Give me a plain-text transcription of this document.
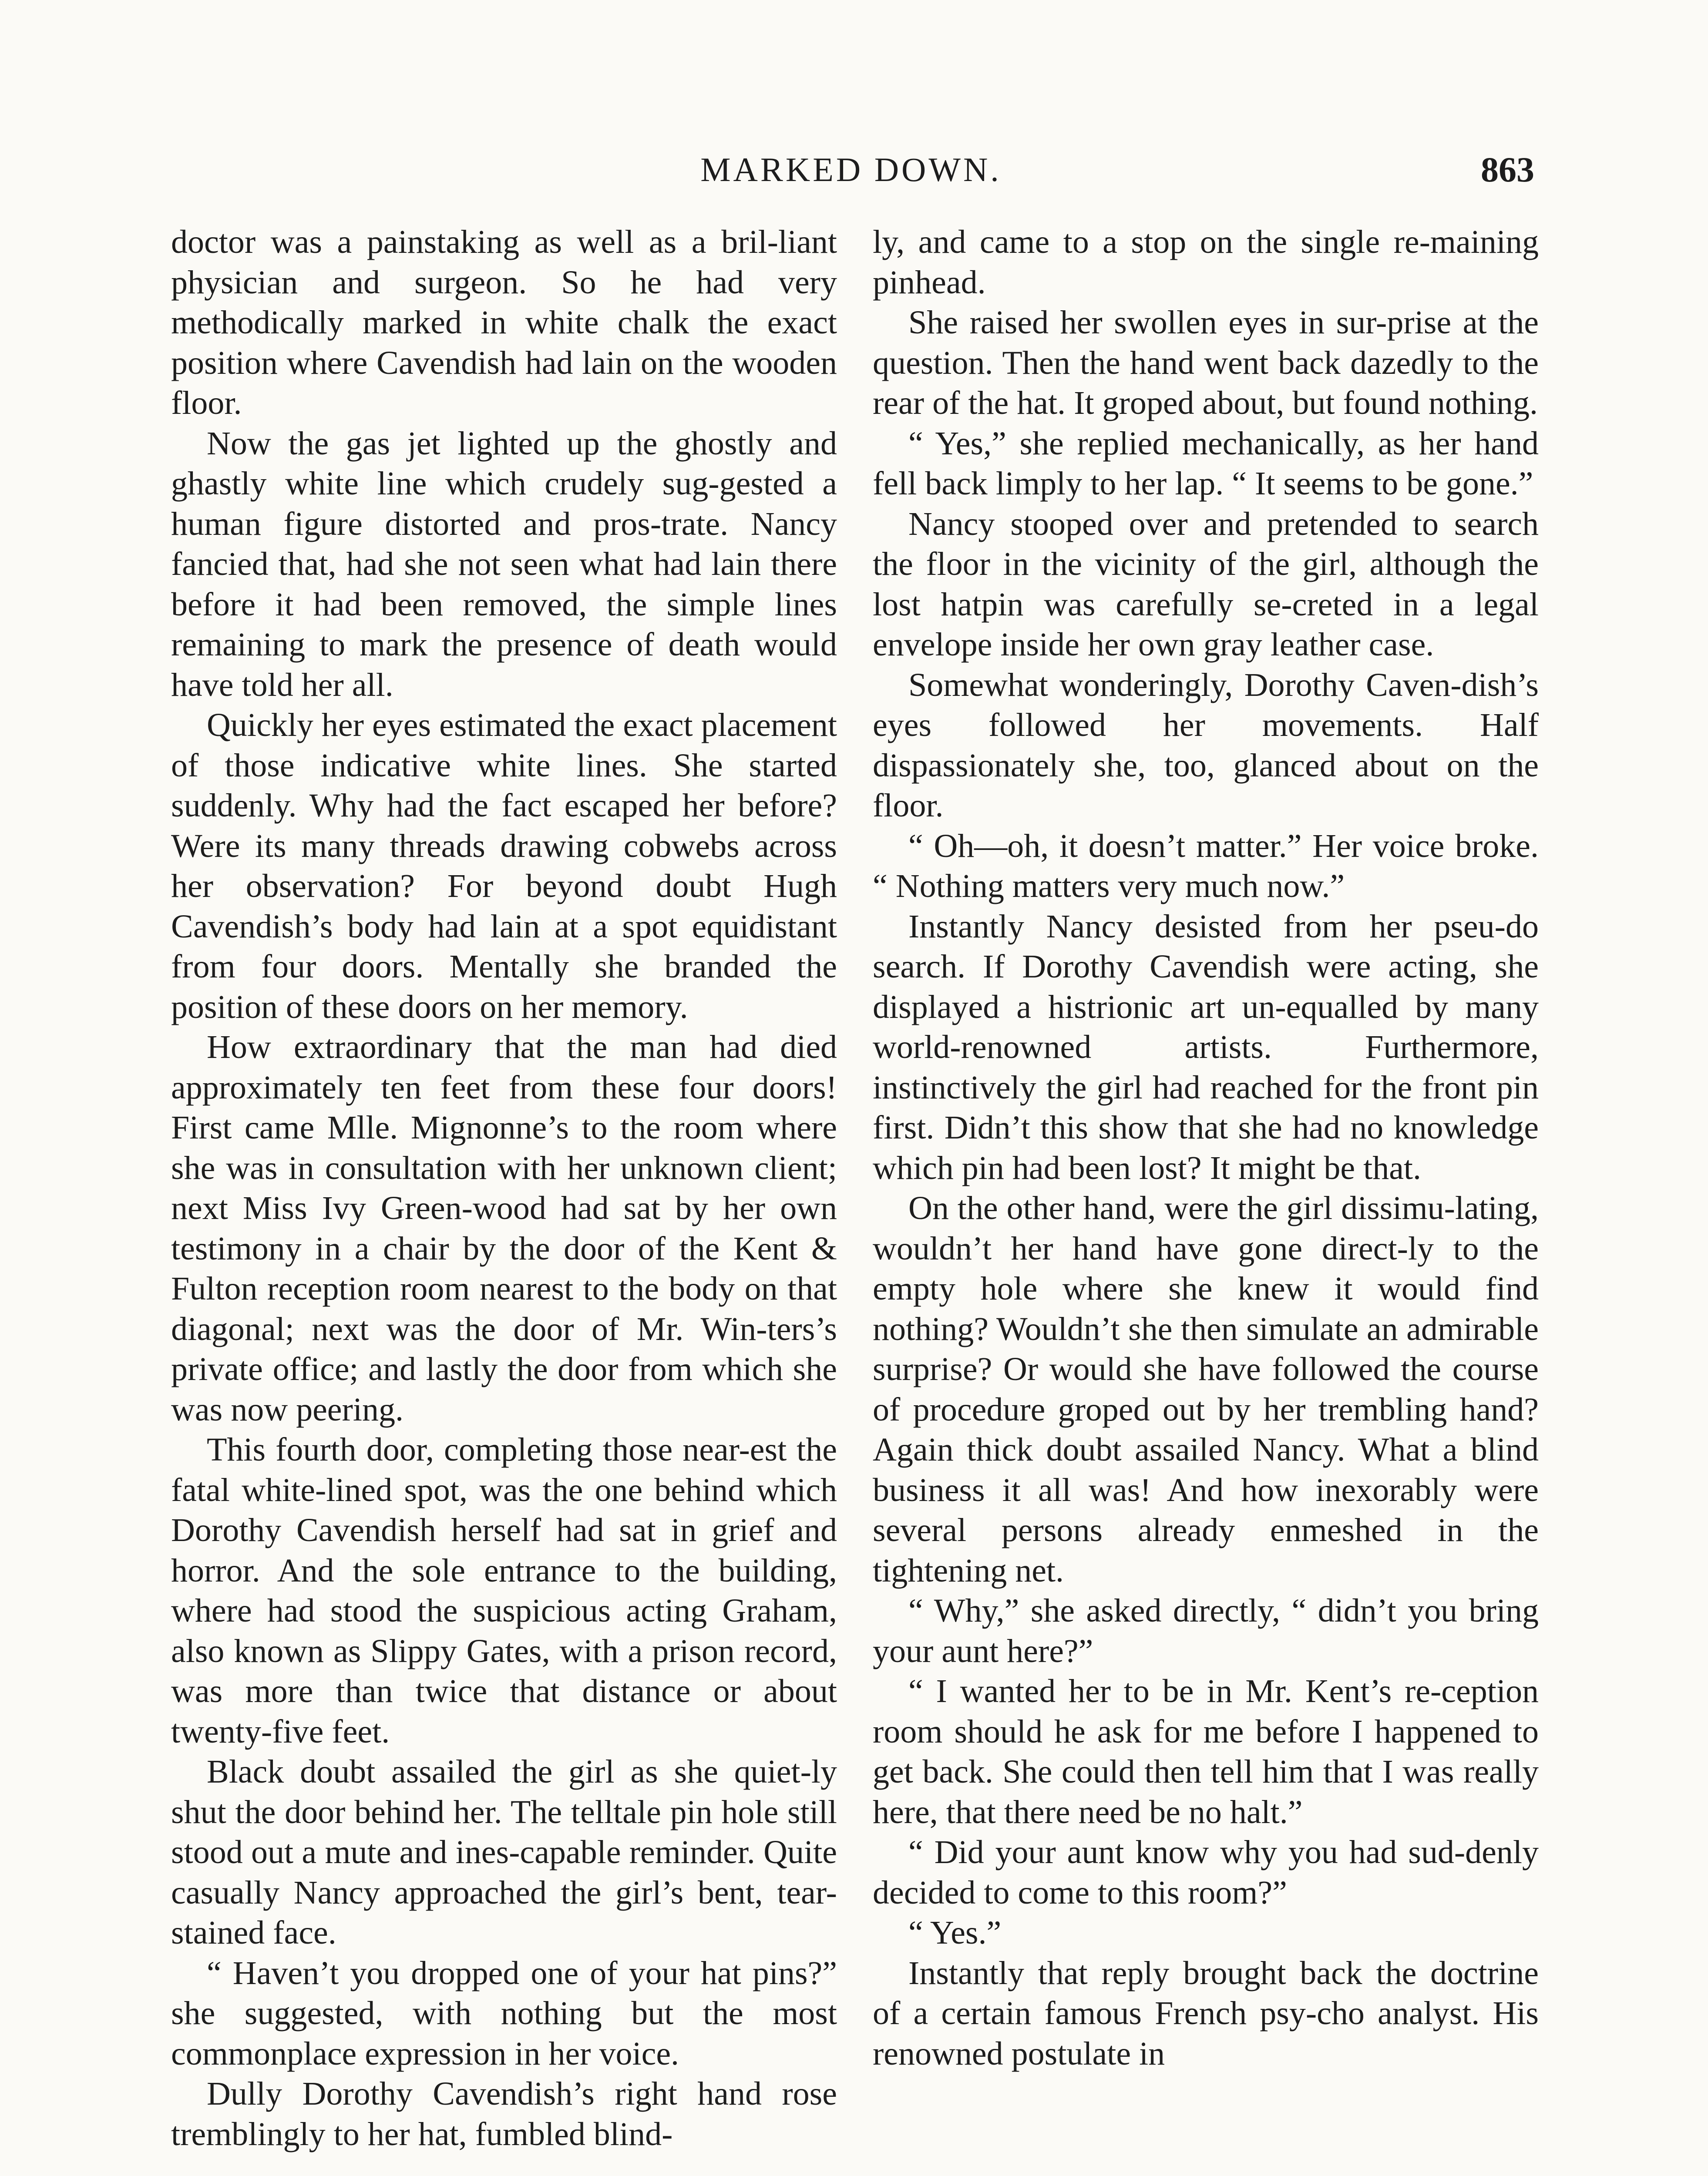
MARKED DOWN.	863

doctor was a painstaking as well as a bril-liant physician and surgeon. So he had very methodically marked in white chalk the exact position where Cavendish had lain on the wooden floor.

Now the gas jet lighted up the ghostly and ghastly white line which crudely sug-gested a human figure distorted and pros-trate. Nancy fancied that, had she not seen what had lain there before it had been removed, the simple lines remaining to mark the presence of death would have told her all.

Quickly her eyes estimated the exact placement of those indicative white lines. She started suddenly. Why had the fact escaped her before? Were its many threads drawing cobwebs across her observation? For beyond doubt Hugh Cavendish’s body had lain at a spot equidistant from four doors. Mentally she branded the position of these doors on her memory.

How extraordinary that the man had died approximately ten feet from these four doors! First came Mlle. Mignonne’s to the room where she was in consultation with her unknown client; next Miss Ivy Green-wood had sat by her own testimony in a chair by the door of the Kent & Fulton reception room nearest to the body on that diagonal; next was the door of Mr. Win-ters’s private office; and lastly the door from which she was now peering.

This fourth door, completing those near-est the fatal white-lined spot, was the one behind which Dorothy Cavendish herself had sat in grief and horror. And the sole entrance to the building, where had stood the suspicious acting Graham, also known as Slippy Gates, with a prison record, was more than twice that distance or about twenty-five feet.

Black doubt assailed the girl as she quiet-ly shut the door behind her. The telltale pin hole still stood out a mute and ines-capable reminder. Quite casually Nancy approached the girl’s bent, tear-stained face.

“ Haven’t you dropped one of your hat pins?” she suggested, with nothing but the most commonplace expression in her voice.

Dully Dorothy Cavendish’s right hand rose tremblingly to her hat, fumbled blind-

ly, and came to a stop on the single re-maining pinhead.

She raised her swollen eyes in sur-prise at the question. Then the hand went back dazedly to the rear of the hat. It groped about, but found nothing.

“ Yes,” she replied mechanically, as her hand fell back limply to her lap. “ It seems to be gone.”

Nancy stooped over and pretended to search the floor in the vicinity of the girl, although the lost hatpin was carefully se-creted in a legal envelope inside her own gray leather case.

Somewhat wonderingly, Dorothy Caven-dish’s eyes followed her movements. Half dispassionately she, too, glanced about on the floor.

“ Oh—oh, it doesn’t matter.” Her voice broke. “ Nothing matters very much now.”

Instantly Nancy desisted from her pseu-do search. If Dorothy Cavendish were acting, she displayed a histrionic art un-equalled by many world-renowned artists. Furthermore, instinctively the girl had reached for the front pin first. Didn’t this show that she had no knowledge which pin had been lost? It might be that.

On the other hand, were the girl dissimu-lating, wouldn’t her hand have gone direct-ly to the empty hole where she knew it would find nothing? Wouldn’t she then simulate an admirable surprise? Or would she have followed the course of procedure groped out by her trembling hand? Again thick doubt assailed Nancy. What a blind business it all was! And how inexorably were several persons already enmeshed in the tightening net.

“ Why,” she asked directly, “ didn’t you bring your aunt here?”

“ I wanted her to be in Mr. Kent’s re-ception room should he ask for me before I happened to get back. She could then tell him that I was really here, that there need be no halt.”

“ Did your aunt know why you had sud-denly decided to come to this room?”

“ Yes.”

Instantly that reply brought back the doctrine of a certain famous French psy-cho analyst. His renowned postulate in
